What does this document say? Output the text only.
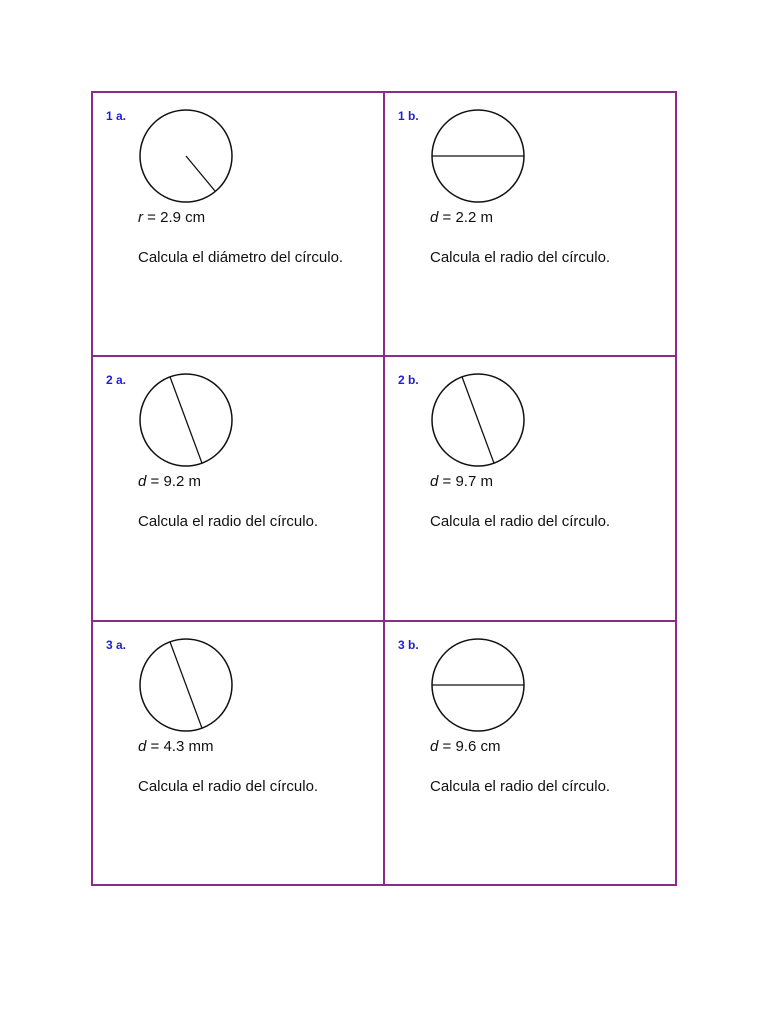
1 a.
r = 2.9 cm
Calcula el diámetro del círculo.
1 b.
d = 2.2 m
Calcula el radio del círculo.
2 a.
d = 9.2 m
Calcula el radio del círculo.
2 b.
d = 9.7 m
Calcula el radio del círculo.
3 a.
d = 4.3 mm
Calcula el radio del círculo.
3 b.
d = 9.6 cm
Calcula el radio del círculo.
